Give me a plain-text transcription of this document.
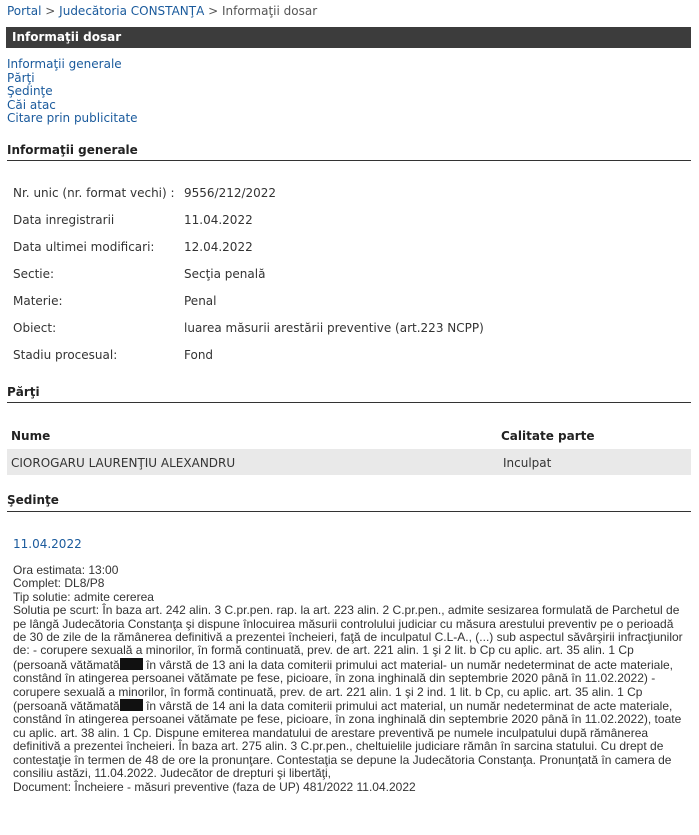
Portal > Judecătoria CONSTANŢA > Informaţii dosar
Informaţii dosar
Informaţii generale
Părţi
Şedinţe
Căi atac
Citare prin publicitate
Informaţii generale
Nr. unic (nr. format vechi) : 9556/212/2022
Data inregistrarii	11.04.2022
Data ultimei modificari: 12.04.2022
Sectie:	Secţia penală
Materie:	Penal
Obiect:	luarea măsurii arestării preventive (art.223 NCPP)
Stadiu procesual:	Fond
Părţi
Nume	Calitate parte
CIOROGARU LAURENŢIU ALEXANDRU	Inculpat
Şedinţe
11.04.2022
Ora estimata: 13:00
Complet: DL8/P8
Tip solutie: admite cererea
Solutia pe scurt: În baza art. 242 alin. 3 C.pr.pen. rap. la art. 223 alin. 2 C.pr.pen., admite sesizarea formulată de Parchetul de pe lângă Judecătoria Constanţa şi dispune înlocuirea măsurii controlului judiciar cu măsura arestului preventiv pe o perioadă de 30 de zile de la rămânerea definitivă a prezentei încheieri, faţă de inculpatul C.L-A., (...) sub aspectul săvârşirii infracţiunilor de: - corupere sexuală a minorilor, în formă continuată, prev. de art. 221 alin. 1 şi 2 lit. b Cp cu aplic. art. 35 alin. 1 Cp (persoană vătămată în vârstă de 13 ani la data comiterii primului act material- un număr nedeterminat de acte materiale, constând în atingerea persoanei vătămate pe fese, picioare, în zona inghinală din septembrie 2020 până în 11.02.2022) - corupere sexuală a minorilor, în formă continuată, prev. de art. 221 alin. 1 şi 2 ind. 1 lit. b Cp, cu aplic. art. 35 alin. 1 Cp (persoană vătămată în vârstă de 14 ani la data comiterii primului act material, un număr nedeterminat de acte materiale, constând în atingerea persoanei vătămate pe fese, picioare, în zona inghinală din septembrie 2020 până în 11.02.2022), toate cu aplic. art. 38 alin. 1 Cp. Dispune emiterea mandatului de arestare preventivă pe numele inculpatului după rămânerea definitivă a prezentei încheieri. În baza art. 275 alin. 3 C.pr.pen., cheltuielile judiciare rămân în sarcina statului. Cu drept de contestaţie în termen de 48 de ore la pronunţare. Contestaţia se depune la Judecătoria Constanţa. Pronunţată în camera de consiliu astăzi, 11.04.2022. Judecător de drepturi şi libertăţi,
Document: Încheiere - măsuri preventive (faza de UP) 481/2022 11.04.2022
